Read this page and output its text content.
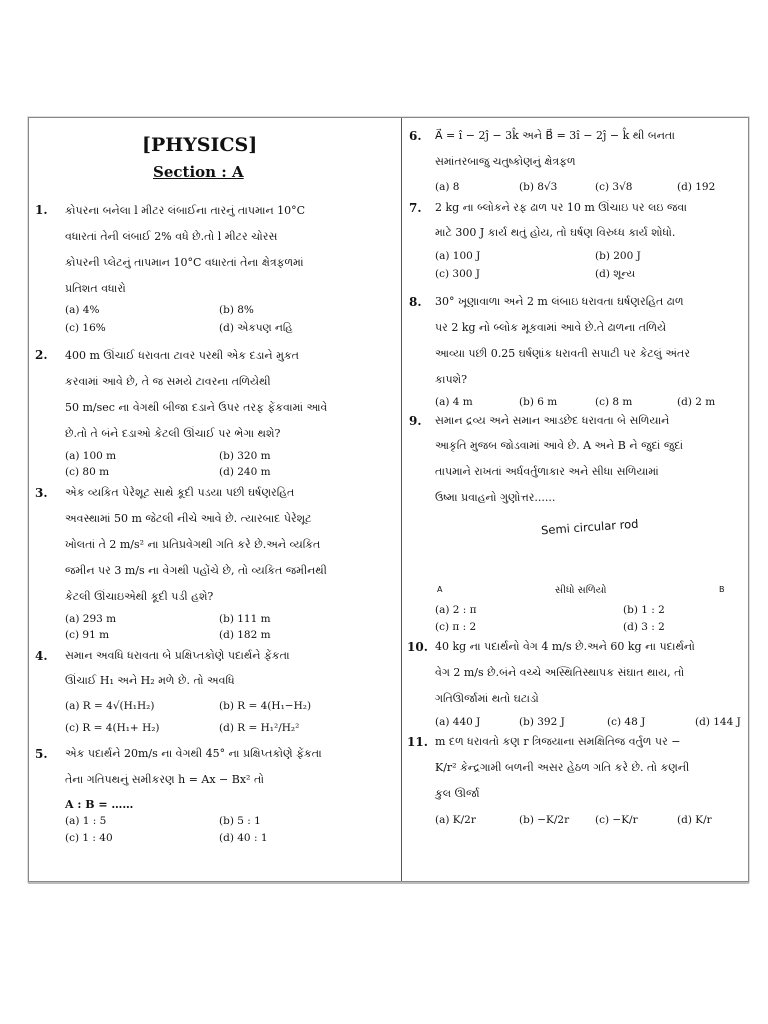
[PHYSICS]
Section : A
1. કોપરના બનેલા l મીટર લંબાઈના તારનું તાપમાન 10°C
વધારતાં તેની લંબાઈ 2% વધે છે.તો l મીટર ચોરસ
કોપરની પ્લેટનું તાપમાન 10°C વધારતાં તેના ક્ષેત્રફળમાં
પ્રતિશત વધારો
(a) 4%	(b) 8%
(c) 16%	(d) એકપણ નહિ
2. 400 m ઊંચાઈ ધરાવતા ટાવર પરથી એક દડાને મુકત
કરવામાં આવે છે, તે જ સમયે ટાવરના તળિયેથી
50 m/sec ના વેગથી બીજા દડાને ઉપર તરફ ફેંકવામાં આવે
છે.તો તે બંને દડાઓ કેટલી ઊંચાઈ પર ભેગા થશે?
(a) 100 m	(b) 320 m
(c) 80 m	(d) 240 m
3. એક વ્યકિત પેરેશૂટ સાથે કૂદી પડયા પછી ઘર્ષણરહિત
અવસ્થામાં 50 m જેટલી નીચે આવે છે. ત્યારબાદ પેરેશૂટ
ખોલતાં તે 2 m/s² ના પ્રતિપ્રવેગથી ગતિ કરે છે.અને વ્યકિત
જમીન પર 3 m/s ના વેગથી પહોંચે છે, તો વ્યકિત જમીનથી
કેટલી ઊંચાઇએથી કૂદી પડી હશે?
(a) 293 m	(b) 111 m
(c) 91 m	(d) 182 m
4. સમાન અવધિ ધરાવતા બે પ્રક્ષિપ્તકોણે પદાર્થને ફેંકતા
ઊંચાઈ H₁ અને H₂ મળે છે. તો અવધિ
(a) R = 4√(H₁H₂)	(b) R = 4(H₁−H₂)
(c) R = 4(H₁+ H₂)	(d) R = H₁²/H₂²
5. એક પદાર્થને 20m/s ના વેગથી 45° ના પ્રક્ષિપ્તકોણે ફેંકતા
તેના ગતિપથનું સમીકરણ h = Ax − Bx² તો
A : B = ……
(a) 1 : 5	(b) 5 : 1
(c) 1 : 40	(d) 40 : 1
6. A⃗ = î − 2ĵ − 3k̂ અને B⃗ = 3î − 2ĵ − k̂ થી બનતા
સમાંતરબાજુ ચતુષ્કોણનું ક્ષેત્રફળ
(a) 8	(b) 8√3	(c) 3√8	(d) 192
7. 2 kg ના બ્લોકને રફ ઢાળ પર 10 m ઊંચાઇ પર લઇ જવા
માટે 300 J કાર્ય થતું હોય, તો ઘર્ષણ વિરુધ્ધ કાર્ય શોધો.
(a) 100 J	(b) 200 J
(c) 300 J	(d) શૂન્ય
8. 30° ખૂણાવાળા અને 2 m લંબાઇ ધરાવતા ઘર્ષણરહિત ઢાળ
પર 2 kg નો બ્લોક મૂકવામાં આવે છે.તે ઢાળના તળિયે
આવ્યા પછી 0.25 ઘર્ષણાંક ધરાવતી સપાટી પર કેટલું અંતર
કાપશે?
(a) 4 m	(b) 6 m	(c) 8 m	(d) 2 m
9. સમાન દ્રવ્ય અને સમાન આડછેદ ધરાવતા બે સળિયાને
આકૃતિ મુજબ જોડવામાં આવે છે. A અને B ને જુદાં જુદાં
તાપમાને રાખતાં અર્ધવર્તુળાકાર અને સીધા સળિયામાં
ઉષ્મા પ્રવાહનો ગુણોત્તર......
Semi circular rod
A	સીધો સળિયો	B
(a) 2 : π	(b) 1 : 2
(c) π : 2	(d) 3 : 2
10. 40 kg ના પદાર્થનો વેગ 4 m/s છે.અને 60 kg ના પદાર્થનો
વેગ 2 m/s છે.બંને વચ્ચે અસ્થિતિસ્થાપક સંઘાત થાય, તો
ગતિઊર્જામાં થતો ઘટાડો
(a) 440 J	(b) 392 J	(c) 48 J	(d) 144 J
11. m દળ ધરાવતો કણ r ત્રિજયાના સમક્ષિતિજ વર્તુળ પર −
K/r² કેન્દ્રગામી બળની અસર હેઠળ ગતિ કરે છે. તો કણની
કુલ ઊર્જા
(a) K/2r	(b) −K/2r (c) −K/r	(d) K/r
